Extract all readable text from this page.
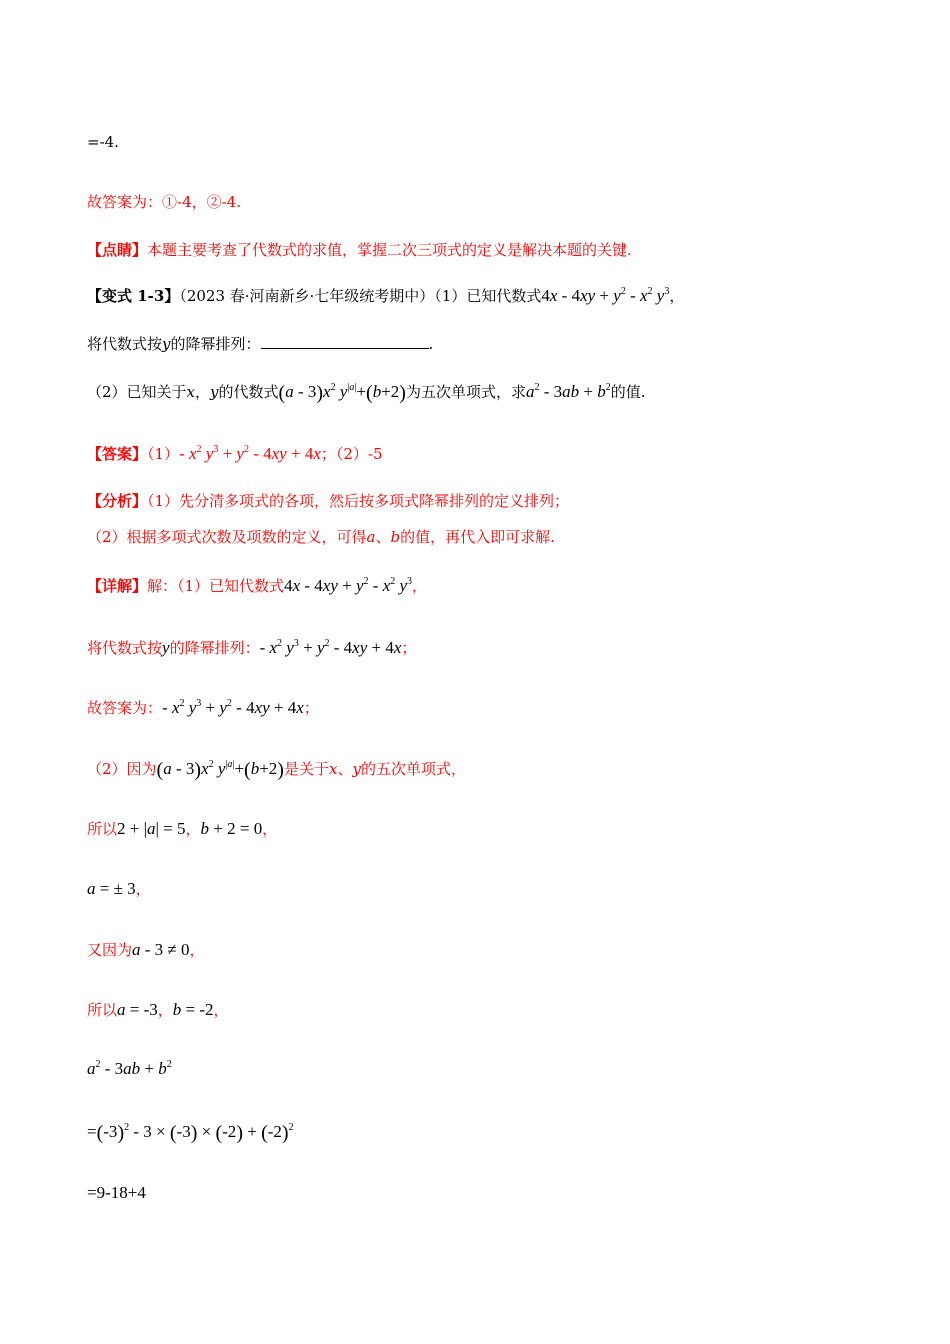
=-4.
故答案为：①-4，②-4.
【点睛】本题主要考查了代数式的求值，掌握二次三项式的定义是解决本题的关键.
【变式 1-3】（2023 春·河南新乡·七年级统考期中）（1）已知代数式$4x - 4xy + y^2 - x^2$ $y^3$，
将代数式按y的降幂排列：	.
（2）已知关于x，y的代数式$(a - 3)x^2$ $y^{|a|}+(b+2)$为五次单项式，求$a^2 - 3ab + b^2$的值.
【答案】（1）- $x^2$ $y^3 + y^2 - 4xy + 4x$；（2）-5
【分析】（1）先分清多项式的各项，然后按多项式降幂排列的定义排列；
（2）根据多项式次数及项数的定义，可得a、b的值，再代入即可求解.
【详解】解：（1）已知代数式$4x - 4xy + y^2 - x^2$ $y^3$，
将代数式按y的降幂排列：- $x^2$ $y^3 + y^2 - 4xy + 4x$；
故答案为：- $x^2$ $y^3 + y^2 - 4xy + 4x$；
（2）因为$(a - 3)x^2$ $y^{|a|}+(b+2)$是关于x、y的五次单项式，
所以2 + |a| = 5，b + 2 = 0，
a = ± 3，
又因为a - 3 ≠ 0，
所以a = -3，b = -2，
$a^2 - 3ab + b^2$
$=(-3)^2 - 3 \times (-3) \times (-2) + (-2)^2$
=9-18+4
